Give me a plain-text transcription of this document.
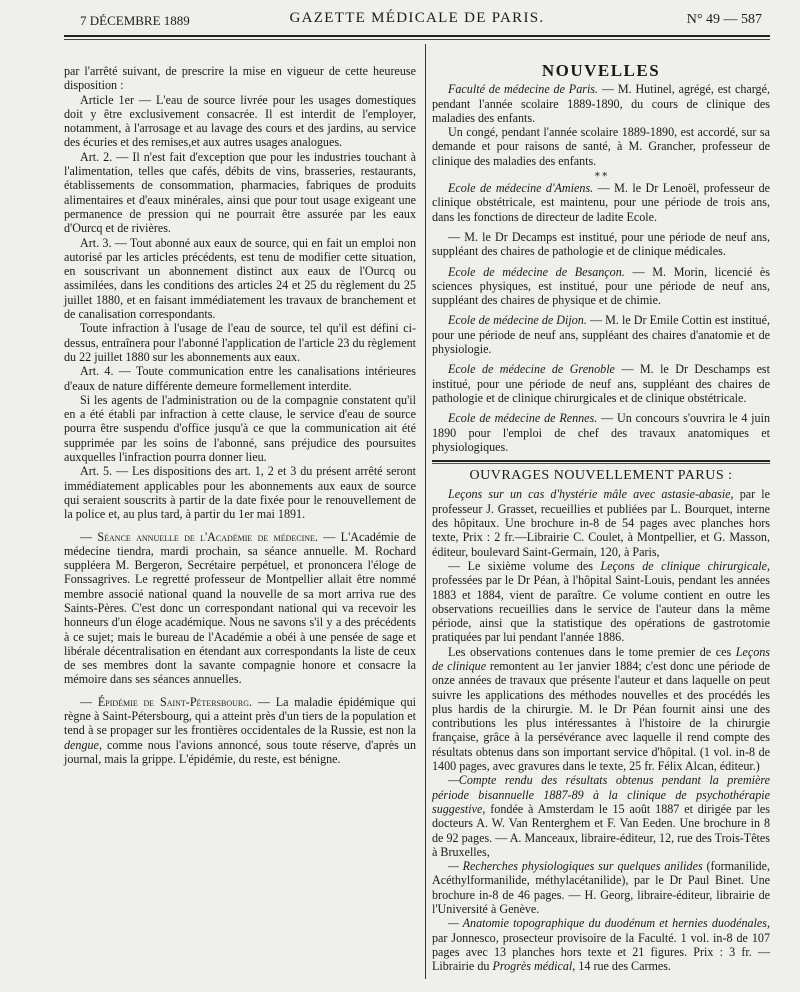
7 DÉCEMBRE 1889	GAZETTE MÉDICALE DE PARIS.	N° 49 — 587

par l'arrêté suivant, de prescrire la mise en vigueur de cette heureuse disposition :

Article 1er — L'eau de source livrée pour les usages domestiques doit y être exclusivement consacrée. Il est interdit de l'employer, notamment, à l'arrosage et au lavage des cours et des jardins, au service des écuries et des remises,et aux autres usages analogues.

Art. 2. — Il n'est fait d'exception que pour les industries touchant à l'alimentation, telles que cafés, débits de vins, brasseries, restaurants, établissements de consommation, pharmacies, fabriques de produits alimentaires et d'eaux minérales, ainsi que pour tout usage exigeant une permanence de pression qui ne pourrait être assurée par les eaux d'Ourcq et de rivières.

Art. 3. — Tout abonné aux eaux de source, qui en fait un emploi non autorisé par les articles précédents, est tenu de modifier cette situation, en souscrivant un abonnement distinct aux eaux de l'Ourcq ou assimilées, dans les conditions des articles 24 et 25 du règlement du 25 juillet 1880, et en faisant immédiatement les travaux de branchement et de canalisation correspondants.

Toute infraction à l'usage de l'eau de source, tel qu'il est défini ci-dessus, entraînera pour l'abonné l'application de l'article 23 du règlement du 22 juillet 1880 sur les abonnements aux eaux.

Art. 4. — Toute communication entre les canalisations intérieures d'eaux de nature différente demeure formellement interdite.

Si les agents de l'administration ou de la compagnie constatent qu'il en a été établi par infraction à cette clause, le service d'eau de source pourra être suspendu d'office jusqu'à ce que la communication ait été supprimée par les soins de l'abonné, sans préjudice des poursuites auxquelles l'infraction pourra donner lieu.

Art. 5. — Les dispositions des art. 1, 2 et 3 du présent arrêté seront immédiatement applicables pour les abonnements aux eaux de source qui seraient souscrits à partir de la date fixée pour le renouvellement de la police et, au plus tard, à partir du 1er mai 1891.

— Séance annuelle de l'Académie de médecine. — L'Académie de médecine tiendra, mardi prochain, sa séance annuelle. M. Rochard suppléera M. Bergeron, Secrétaire perpétuel, et prononcera l'éloge de Fonssagrives. Le regretté professeur de Montpellier allait être nommé membre associé national quand la nouvelle de sa mort arriva rue des Saints-Pères. C'est donc un correspondant national qui va recevoir les honneurs d'un éloge académique. Nous ne savons s'il y a des précédents à ce sujet; mais le bureau de l'Académie a obéi à une pensée de sage et libérale décentralisation en étendant aux correspondants la liste de ceux de ses membres dont la savante compagnie honore et consacre la mémoire dans ses séances annuelles.

— Épidémie de Saint-Pétersbourg. — La maladie épidémique qui règne à Saint-Pétersbourg, qui a atteint près d'un tiers de la population et tend à se propager sur les frontières occidentales de la Russie, est non la dengue, comme nous l'avions annoncé, sous toute réserve, d'après un journal, mais la grippe. L'épidémie, du reste, est bénigne.

NOUVELLES

Faculté de médecine de Paris. — M. Hutinel, agrégé, est chargé, pendant l'année scolaire 1889-1890, du cours de clinique des maladies des enfants.

Un congé, pendant l'année scolaire 1889-1890, est accordé, sur sa demande et pour raisons de santé, à M. Grancher, professeur de clinique des maladies des enfants.

⁎ ⁎

Ecole de médecine d'Amiens. — M. le Dr Lenoël, professeur de clinique obstétricale, est maintenu, pour une période de trois ans, dans les fonctions de directeur de ladite Ecole.

— M. le Dr Decamps est institué, pour une période de neuf ans, suppléant des chaires de pathologie et de clinique médicales.

Ecole de médecine de Besançon. — M. Morin, licencié ès sciences physiques, est institué, pour une période de neuf ans, suppléant des chaires de physique et de chimie.

Ecole de médecine de Dijon. — M. le Dr Emile Cottin est institué, pour une période de neuf ans, suppléant des chaires d'anatomie et de physiologie.

Ecole de médecine de Grenoble — M. le Dr Deschamps est institué, pour une période de neuf ans, suppléant des chaires de pathologie et de clinique chirurgicales et de clinique obstétricale.

Ecole de médecine de Rennes. — Un concours s'ouvrira le 4 juin 1890 pour l'emploi de chef des travaux anatomiques et physiologiques.

OUVRAGES NOUVELLEMENT PARUS :

Leçons sur un cas d'hystérie mâle avec astasie-abasie, par le professeur J. Grasset, recueillies et publiées par L. Bourquet, interne des hôpitaux. Une brochure in-8 de 54 pages avec planches hors texte, Prix : 2 fr.—Librairie C. Coulet, à Montpellier, et G. Masson, éditeur, boulevard Saint-Germain, 120, à Paris,

— Le sixième volume des Leçons de clinique chirurgicale, professées par le Dr Péan, à l'hôpital Saint-Louis, pendant les années 1883 et 1884, vient de paraître. Ce volume contient en outre les observations recueillies dans le service de l'auteur dans la même période, ainsi que la statistique des opérations de gastrotomie pratiquées par lui pendant l'année 1886.

Les observations contenues dans le tome premier de ces Leçons de clinique remontent au 1er janvier 1884; c'est donc une période de onze années de travaux que présente l'auteur et dans laquelle on peut suivre les applications des méthodes nouvelles et des procédés les plus hardis de la chirurgie. M. le Dr Péan fournit ainsi une des contributions les plus intéressantes à l'histoire de la chirurgie française, grâce à la persévérance avec laquelle il rend compte des résultats obtenus dans son important service d'hôpital. (1 vol. in-8 de 1400 pages, avec gravures dans le texte, 25 fr. Félix Alcan, éditeur.)

—Compte rendu des résultats obtenus pendant la première période bisannuelle 1887-89 à la clinique de psychothérapie suggestive, fondée à Amsterdam le 15 août 1887 et dirigée par les docteurs A. W. Van Renterghem et F. Van Eeden. Une brochure in 8 de 92 pages. — A. Manceaux, libraire-éditeur, 12, rue des Trois-Têtes à Bruxelles,

— Recherches physiologiques sur quelques anilides (formanilide, Acéthylformanilide, méthylacétanilide), par le Dr Paul Binet. Une brochure in-8 de 46 pages. — H. Georg, libraire-éditeur, librairie de l'Université à Genève.

— Anatomie topographique du duodénum et hernies duodénales, par Jonnesco, prosecteur provisoire de la Faculté. 1 vol. in-8 de 107 pages avec 13 planches hors texte et 21 figures. Prix : 3 fr. — Librairie du Progrès médical, 14 rue des Carmes.
